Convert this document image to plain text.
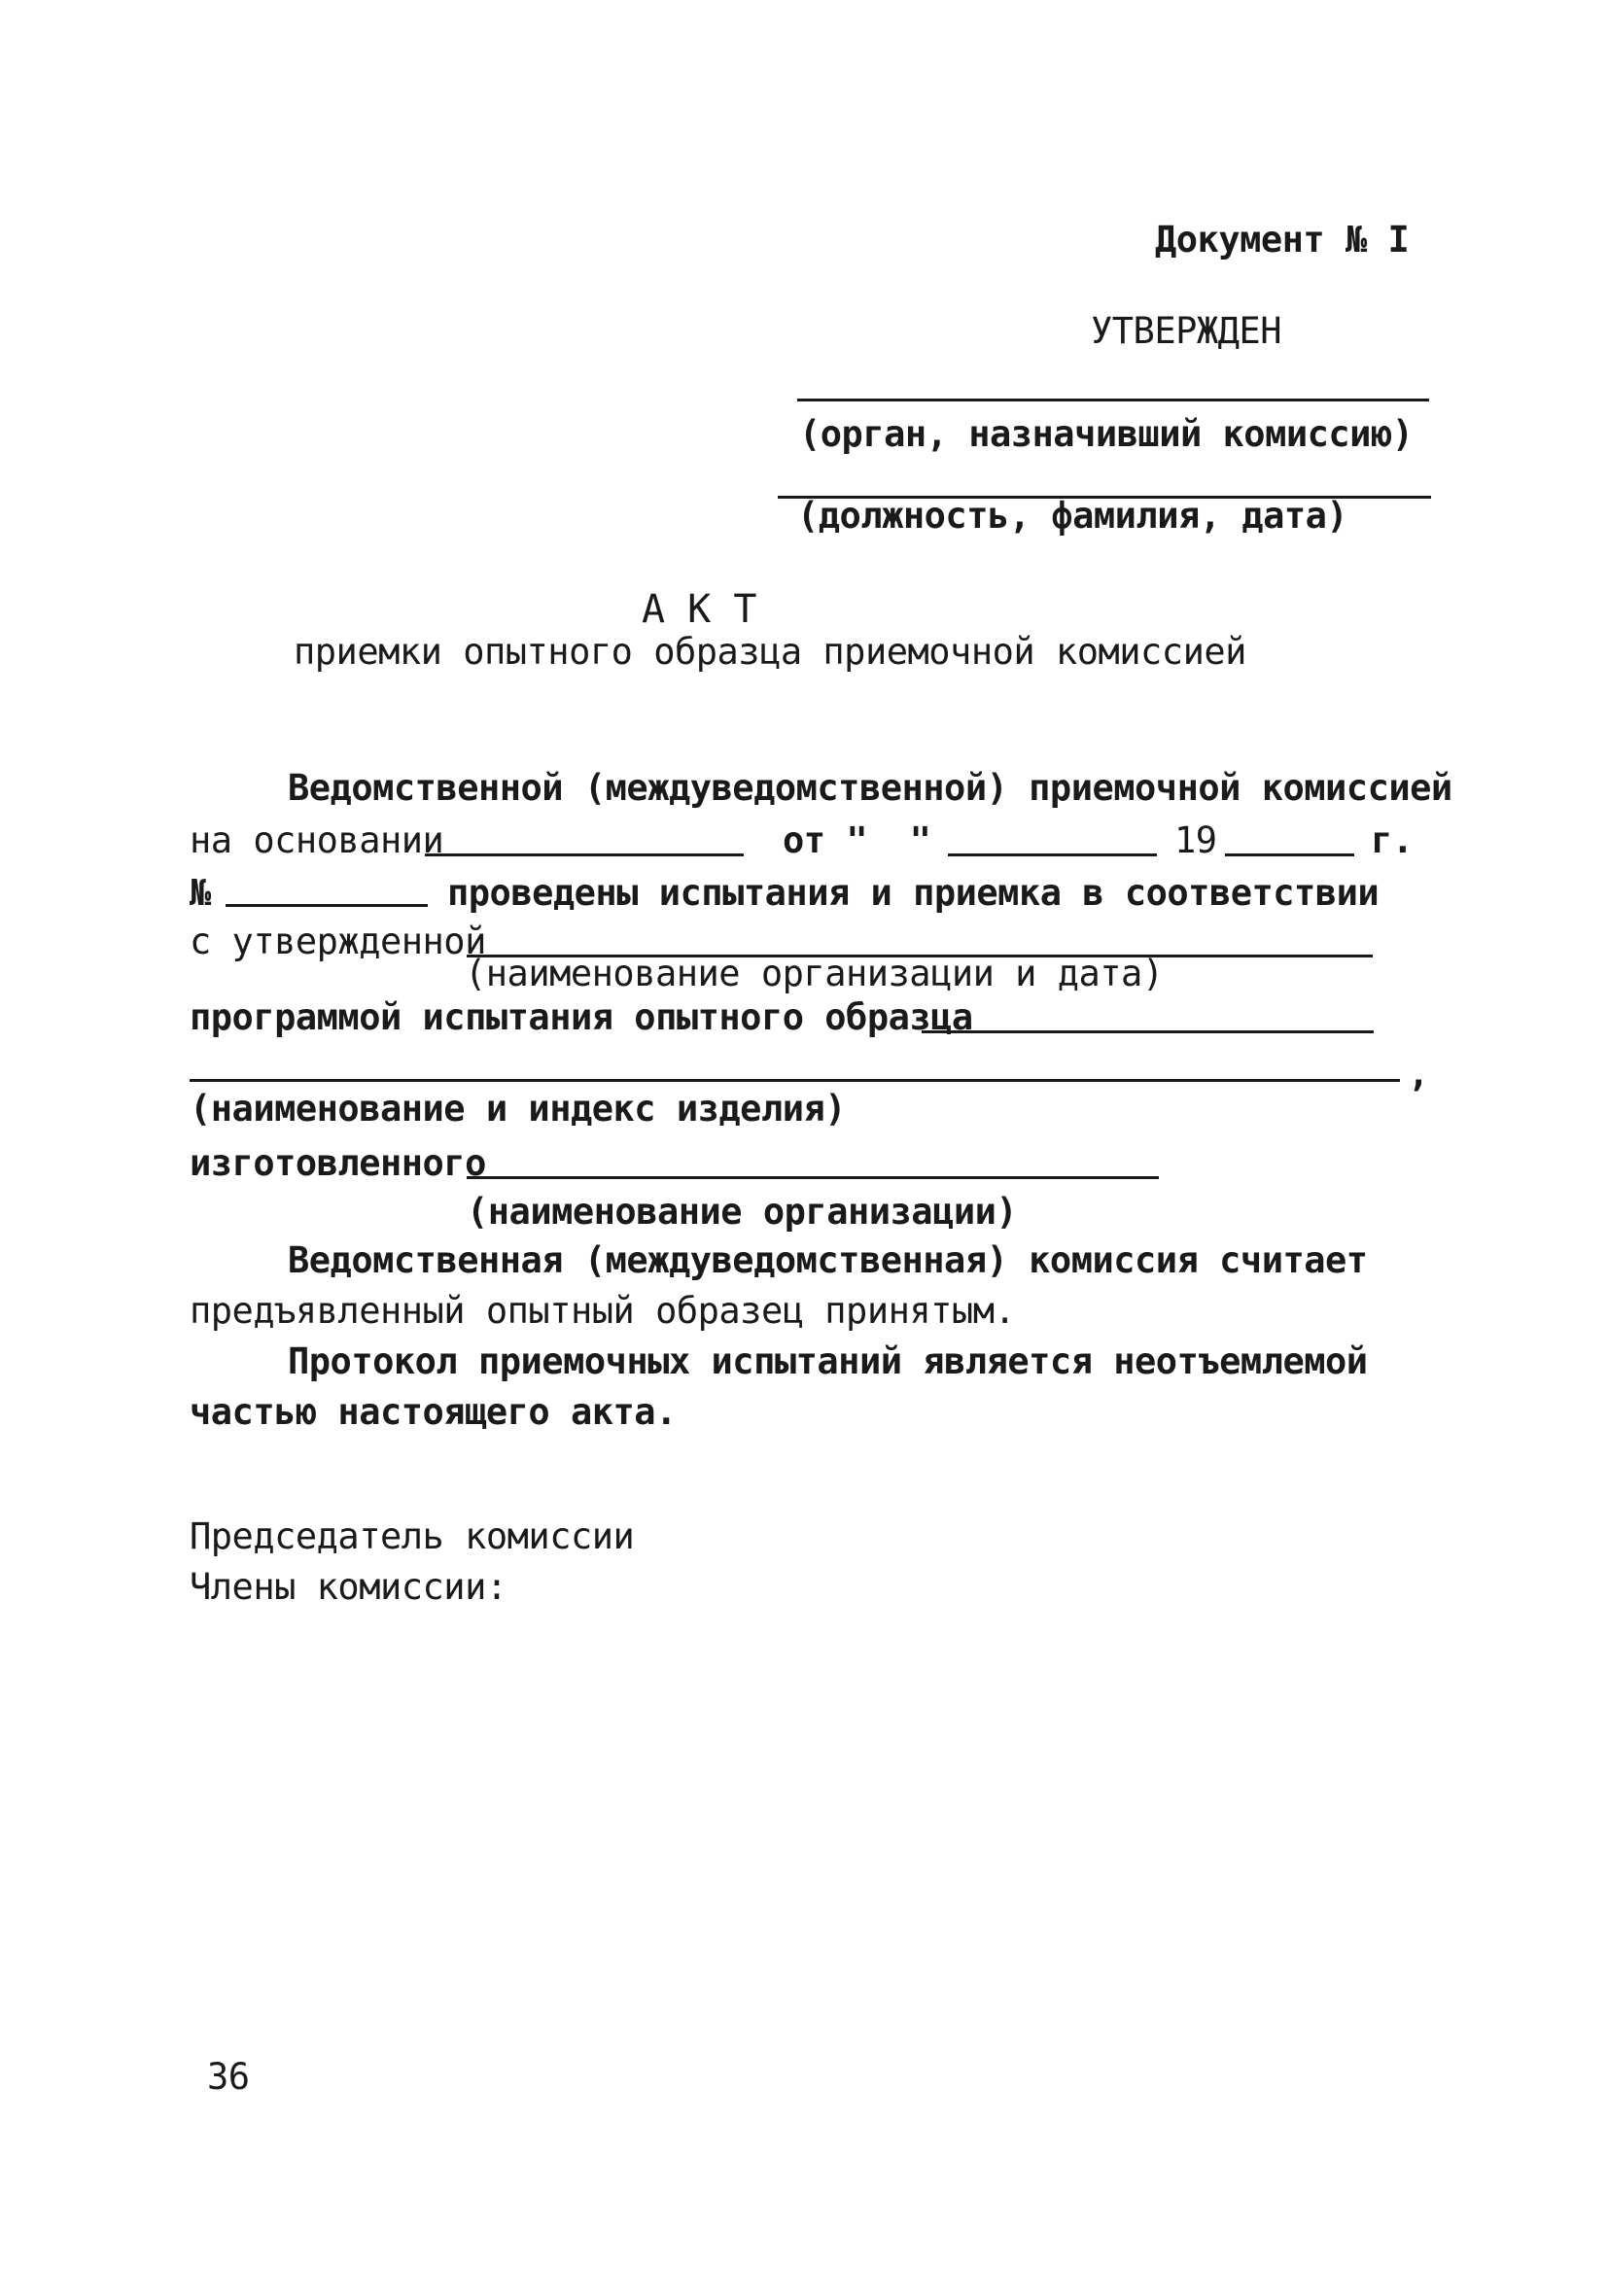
Документ № I
УТВЕРЖДЕН
(орган, назначивший комиссию)
(должность, фамилия, дата)
А К Т
приемки опытного образца приемочной комиссией
Ведомственной (междуведомственной) приемочной комиссией
на основании	от "  "	19	г.
№	проведены испытания и приемка в соответствии
с утвержденной
(наименование организации и дата)
программой испытания опытного образца
,
(наименование и индекс изделия)
изготовленного
(наименование организации)
Ведомственная (междуведомственная) комиссия считает
предъявленный опытный образец принятым.
Протокол приемочных испытаний является неотъемлемой
частью настоящего акта.
Председатель комиссии
Члены комиссии:
36
